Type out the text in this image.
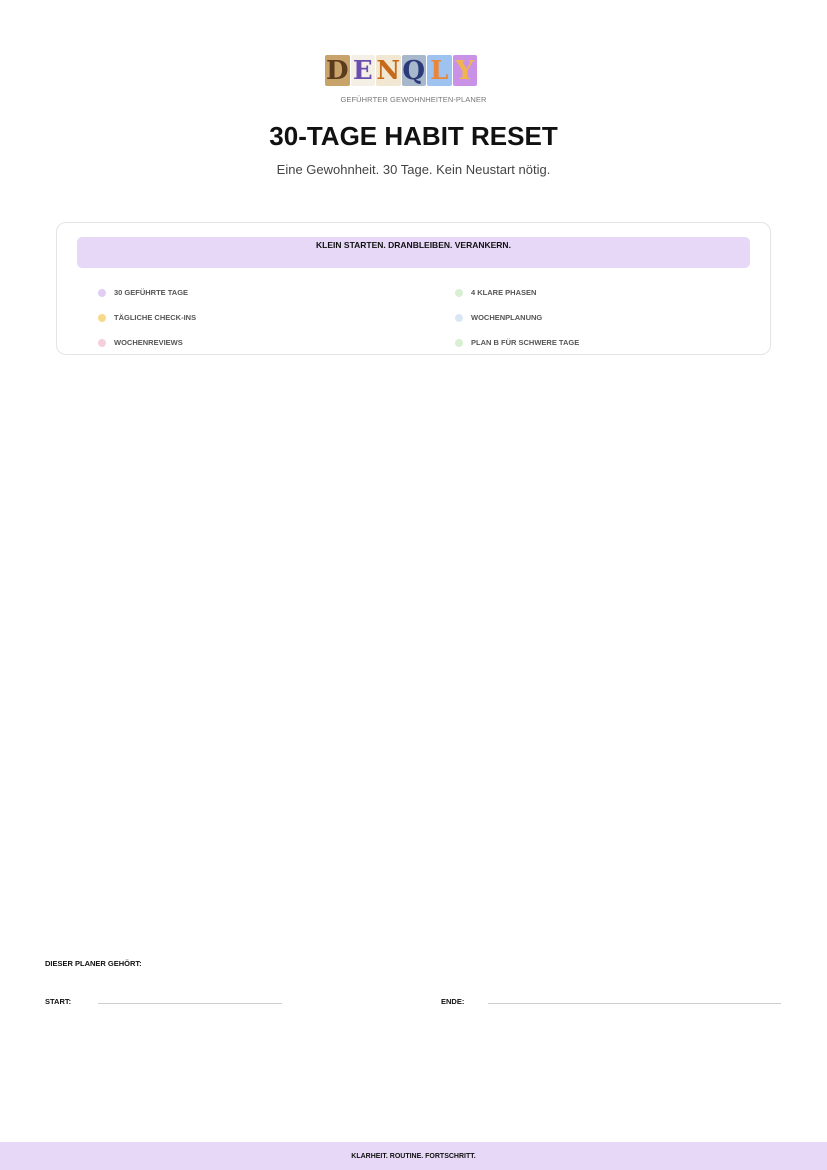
D E N Q L Y
GEFÜHRTER GEWOHNHEITEN-PLANER
30-TAGE HABIT RESET
Eine Gewohnheit. 30 Tage. Kein Neustart nötig.
KLEIN STARTEN. DRANBLEIBEN. VERANKERN.
30 GEFÜHRTE TAGE	4 KLARE PHASEN
TÄGLICHE CHECK-INS	WOCHENPLANUNG
WOCHENREVIEWS	PLAN B FÜR SCHWERE TAGE
DIESER PLANER GEHÖRT:
START:	ENDE:
KLARHEIT. ROUTINE. FORTSCHRITT.
